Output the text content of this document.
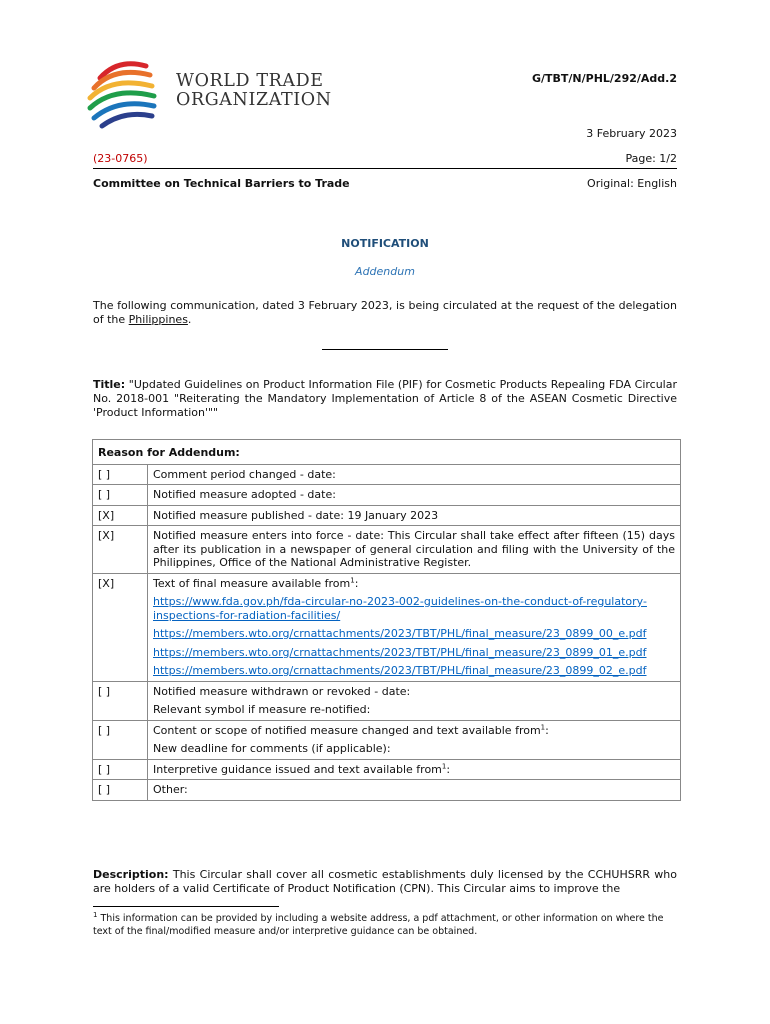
WORLD TRADE
ORGANIZATION
G/TBT/N/PHL/292/Add.2
3 February 2023
(23-0765)	Page: 1/2
Committee on Technical Barriers to Trade	Original: English
NOTIFICATION
Addendum
The following communication, dated 3 February 2023, is being circulated at the request of the delegation of the Philippines.
Title: "Updated Guidelines on Product Information File (PIF) for Cosmetic Products Repealing FDA Circular No. 2018-001 "Reiterating the Mandatory Implementation of Article 8 of the ASEAN Cosmetic Directive 'Product Information'""
Reason for Addendum:	
[ ]	Comment period changed - date:

[ ]	Notified measure adopted - date:

[X]	Notified measure published - date: 19 January 2023

[X]	Notified measure enters into force - date: This Circular shall take effect after fifteen (15) days after its publication in a newspaper of general circulation and filing with the University of the Philippines, Office of the National Administrative Register.

[X]	Text of final measure available from$^1$:

https://www.fda.gov.ph/fda-circular-no-2023-002-guidelines-on-the-conduct-of-regulatory-inspections-for-radiation-facilities/

https://members.wto.org/crnattachments/2023/TBT/PHL/final_measure/23_0899_00_e.pdf

https://members.wto.org/crnattachments/2023/TBT/PHL/final_measure/23_0899_01_e.pdf

https://members.wto.org/crnattachments/2023/TBT/PHL/final_measure/23_0899_02_e.pdf

[ ]	Notified measure withdrawn or revoked - date:

Relevant symbol if measure re-notified:

[ ]	Content or scope of notified measure changed and text available from$^1$:

New deadline for comments (if applicable):

[ ]	Interpretive guidance issued and text available from$^1$:

[ ]	Other:

Description: This Circular shall cover all cosmetic establishments duly licensed by the CCHUHSRR who are holders of a valid Certificate of Product Notification (CPN). This Circular aims to improve the
$^1$ This information can be provided by including a website address, a pdf attachment, or other information on where the text of the final/modified measure and/or interpretive guidance can be obtained.
